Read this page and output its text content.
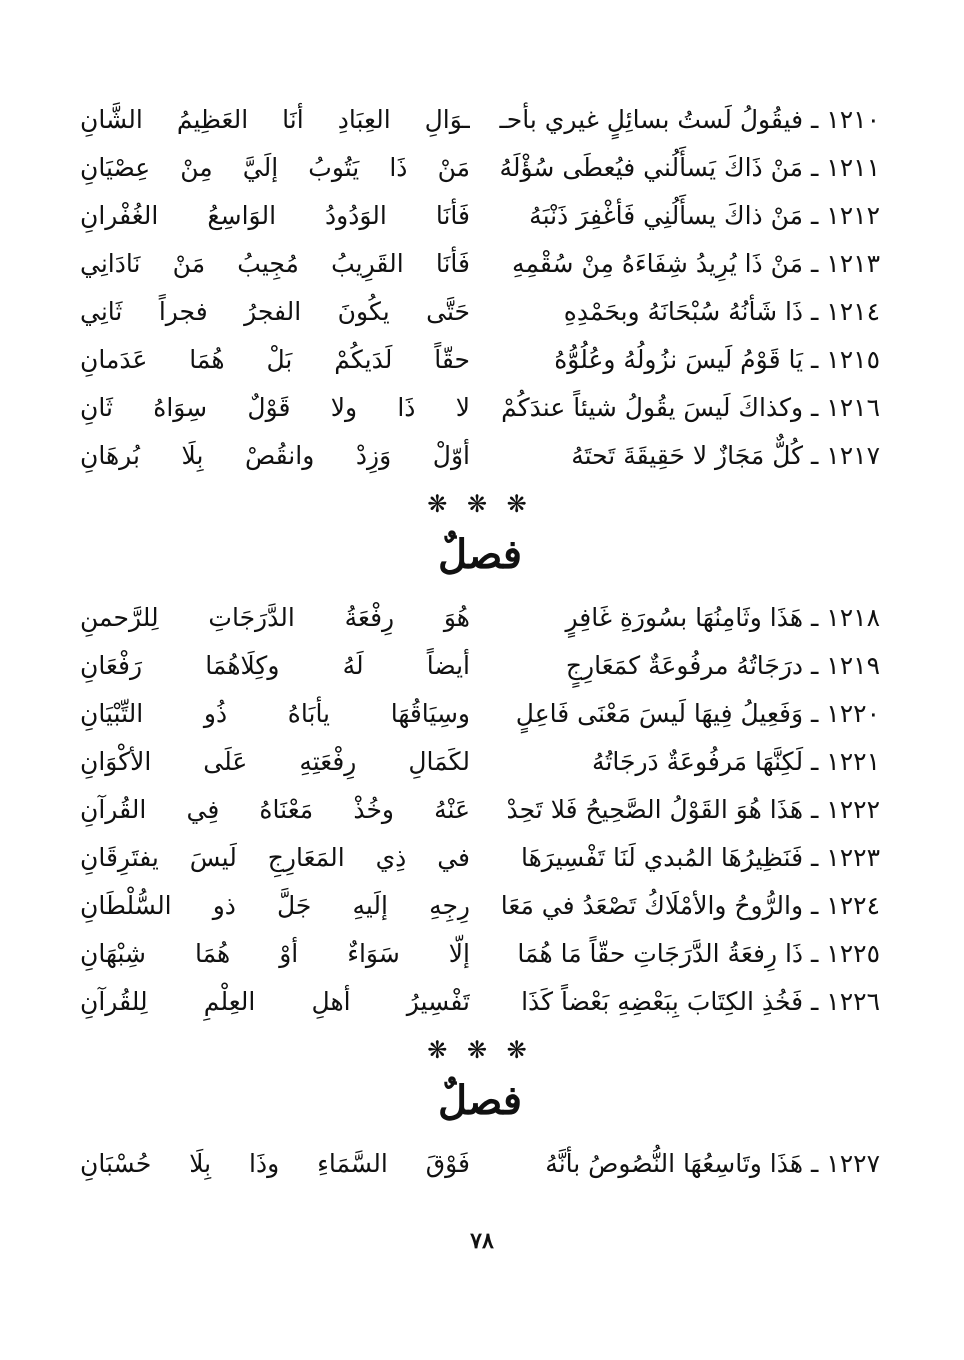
١٢١٠ ـ فيقُولُ لَستُ بسائِلٍ غيري بأحـ
ـوَالِ العِبَادِ أنَا العَظِيمُ الشَّانِ
١٢١١ ـ مَنْ ذَاكَ يَسأَلُني فيُعطَى سُؤْلَهُ
مَنْ ذَا يَتُوبُ إلَيَّ مِنْ عِصْيَانِ
١٢١٢ ـ مَنْ ذاكَ يسأَلُنِي فَأغْفِرَ ذَنْبَهُ
فَأنَا الوَدُودُ الوَاسِعُ الغُفْرانِ
١٢١٣ ـ مَنْ ذَا يُرِيدُ شِفَاءَهُ مِنْ سُقْمِهِ
فَأنَا القَرِيبُ مُجِيبُ مَنْ نَادَانِي
١٢١٤ ـ ذَا شَأنُهُ سُبْحَانَهُ وبحَمْدِهِ
حَتَّى يكُونَ الفجرُ فجراً ثَانِي
١٢١٥ ـ يَا قَوْمُ لَيسَ نزُولُهُ وعُلُوُّهُ
حقّاً لَدَيكُمْ بَلْ هُمَا عَدَمانِ
١٢١٦ ـ وكذاكَ لَيسَ يقُولُ شيئاً عندَكُمْ
لا ذَا ولا قَوْلٌ سِوَاهُ ثَانِ
١٢١٧ ـ كُلٌّ مَجَازٌ لا حَقِيقَةَ تَحتَهُ
أوّلْ وَزِدْ وانقُصْ بِلَا بُرهَانِ
❋ ❋ ❋
فصلٌ
١٢١٨ ـ هَذَا وثَامِنُهَا بسُورَةِ غَافِرٍ
هُوَ رِفْعَةُ الدَّرَجَاتِ لِلرَّحمنِ
١٢١٩ ـ درَجَاتُهُ مرفُوعَةٌ كمَعَارِجٍ
أيضاً لَهُ وكِلَاهُمَا رَفْعَانِ
١٢٢٠ ـ وَفَعِيلُ فِيهَا لَيسَ مَعْنَى فَاعِلٍ
وسِيَاقُهَا يأبَاهُ ذُو التِّبْيَانِ
١٢٢١ ـ لَكِنَّهَا مَرفُوعَةٌ دَرجَاتُهُ
لكَمَالِ رِفْعَتِهِ عَلَى الأكْوَانِ
١٢٢٢ ـ هَذَا هُوَ القَوْلُ الصَّحِيحُ فَلا تَحِدْ
عَنْهُ وخُذْ مَعْنَاهُ فِي القُرآنِ
١٢٢٣ ـ فَنَظِيرُهَا المُبدي لَنَا تَفْسِيرَهَا
في ذِي المَعَارِجِ لَيسَ يفتَرِقَانِ
١٢٢٤ ـ والرُّوحُ والأمْلَاكُ تَصْعَدُ في مَعَا
رِجِهِ إلَيهِ جَلَّ ذو السُّلْطَانِ
١٢٢٥ ـ ذَا رِفعَةُ الدَّرَجَاتِ حقّاً مَا هُمَا
إلّا سَوَاءٌ أوْ هُمَا شِبْهَانِ
١٢٢٦ ـ فَخُذِ الكِتَابَ بِبَعْضِهِ بَعْضاً كَذَا
تَفْسِيرُ أهلِ العِلْمِ لِلقُرآنِ
❋ ❋ ❋
فصلٌ
١٢٢٧ ـ هَذَا وتَاسِعُهَا النُّصُوصُ بأنَّهُ
فَوْقَ السَّمَاءِ وذَا بِلَا حُسْبَانِ
٧٨
